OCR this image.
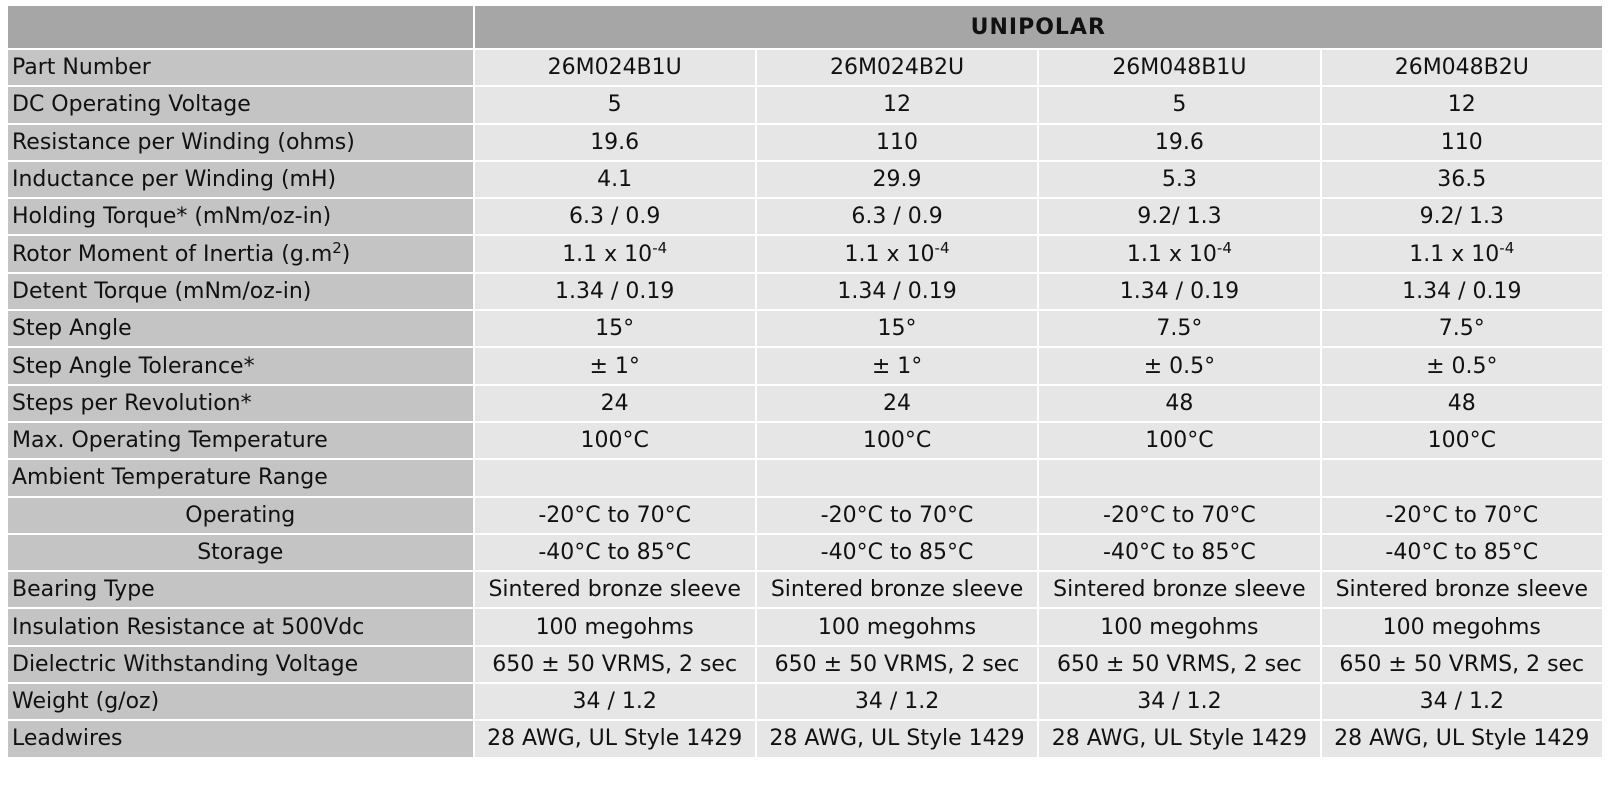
	UNIPOLAR			
Part Number	26M024B1U	26M024B2U	26M048B1U	26M048B2U
DC Operating Voltage	5	12	5	12
Resistance per Winding (ohms)	19.6	110	19.6	110
Inductance per Winding (mH)	4.1	29.9	5.3	36.5
Holding Torque* (mNm/oz-in)	6.3 / 0.9	6.3 / 0.9	9.2/ 1.3	9.2/ 1.3
Rotor Moment of Inertia $(g.m^2)$	1.1 x $10^{-4}$	1.1 x $10^{-4}$	1.1 x $10^{-4}$	1.1 x $10^{-4}$
Detent Torque (mNm/oz-in)	1.34 / 0.19	1.34 / 0.19	1.34 / 0.19	1.34 / 0.19
Step Angle	15°	15°	7.5°	7.5°
Step Angle Tolerance*	± 1°	± 1°	± 0.5°	± 0.5°
Steps per Revolution*	24	24	48	48
Max. Operating Temperature	100°C	100°C	100°C	100°C
Ambient Temperature Range				
Operating	-20°C to 70°C	-20°C to 70°C	-20°C to 70°C	-20°C to 70°C
Storage	-40°C to 85°C	-40°C to 85°C	-40°C to 85°C	-40°C to 85°C
Bearing Type	Sintered bronze sleeve	Sintered bronze sleeve	Sintered bronze sleeve	Sintered bronze sleeve
Insulation Resistance at 500Vdc	100 megohms	100 megohms	100 megohms	100 megohms
Dielectric Withstanding Voltage	650 ± 50 VRMS, 2 sec	650 ± 50 VRMS, 2 sec	650 ± 50 VRMS, 2 sec	650 ± 50 VRMS, 2 sec
Weight (g/oz)	34 / 1.2	34 / 1.2	34 / 1.2	34 / 1.2
Leadwires	28 AWG, UL Style 1429	28 AWG, UL Style 1429	28 AWG, UL Style 1429	28 AWG, UL Style 1429
